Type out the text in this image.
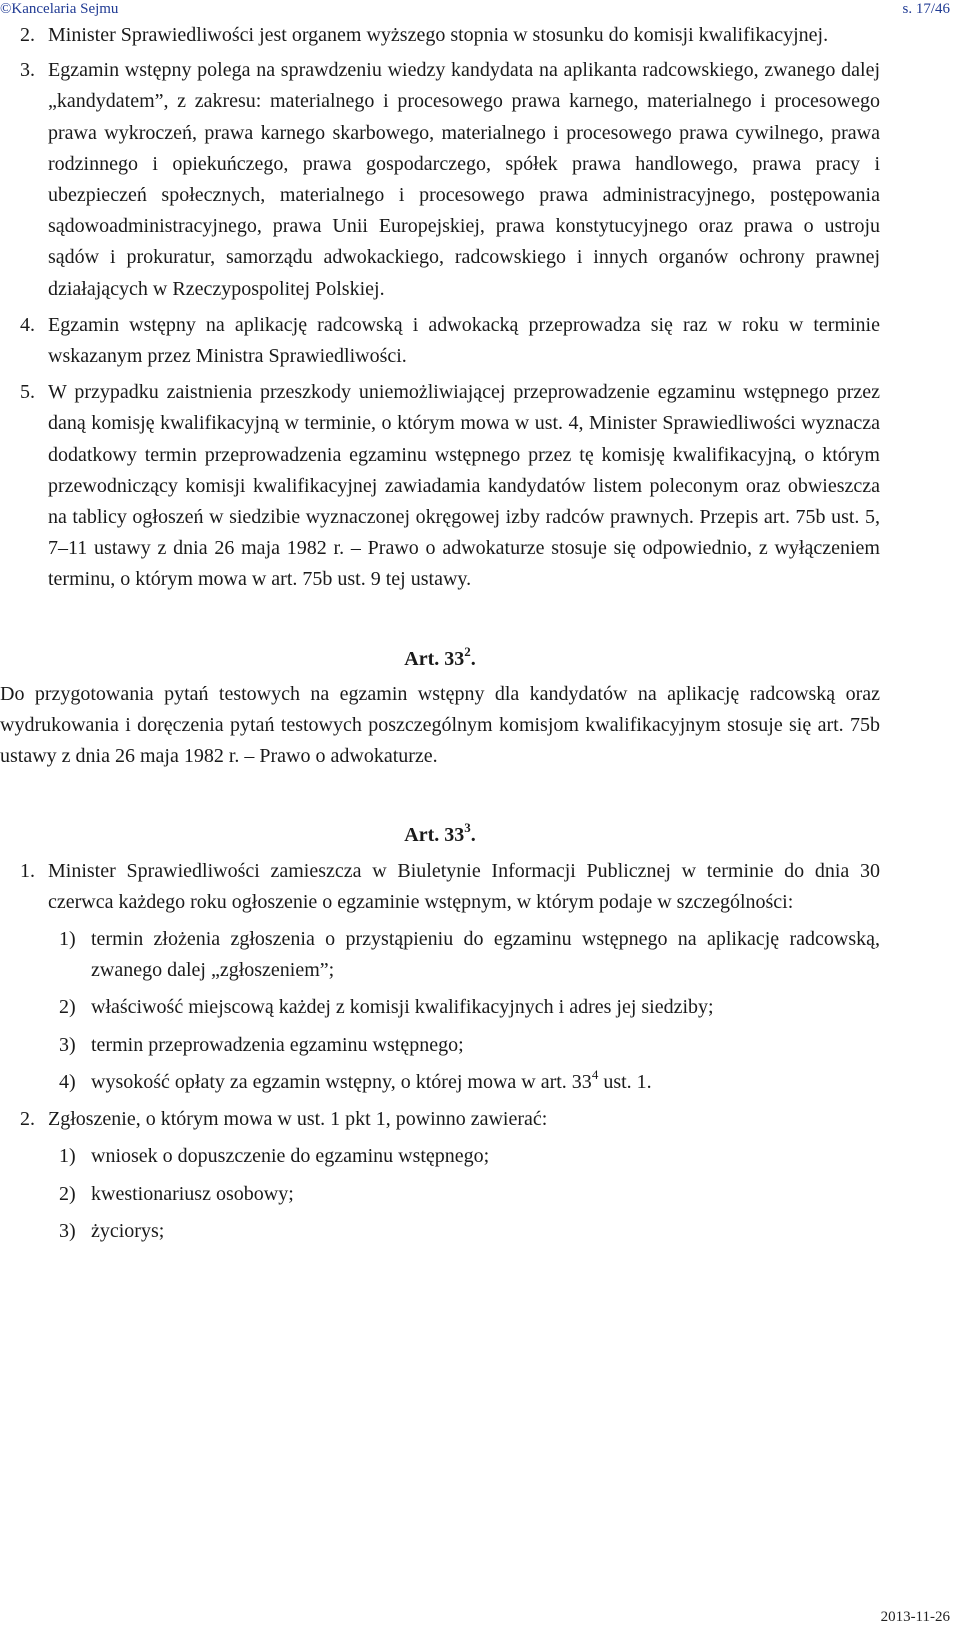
©Kancelaria Sejmu	s. 17/46

2. Minister Sprawiedliwości jest organem wyższego stopnia w stosunku do komisji kwalifikacyjnej.

3. Egzamin wstępny polega na sprawdzeniu wiedzy kandydata na aplikanta radcowskiego, zwanego dalej „kandydatem”, z zakresu: materialnego i procesowego prawa karnego, materialnego i procesowego prawa wykroczeń, prawa karnego skarbowego, materialnego i procesowego prawa cywilnego, prawa rodzinnego i opiekuńczego, prawa gospodarczego, spółek prawa handlowego, prawa pracy i ubezpieczeń społecznych, materialnego i procesowego prawa administracyjnego, postępowania sądowoadministracyjnego, prawa Unii Europejskiej, prawa konstytucyjnego oraz prawa o ustroju sądów i prokuratur, samorządu adwokackiego, radcowskiego i innych organów ochrony prawnej działających w Rzeczypospolitej Polskiej.

4. Egzamin wstępny na aplikację radcowską i adwokacką przeprowadza się raz w roku w terminie wskazanym przez Ministra Sprawiedliwości.

5. W przypadku zaistnienia przeszkody uniemożliwiającej przeprowadzenie egzaminu wstępnego przez daną komisję kwalifikacyjną w terminie, o którym mowa w ust. 4, Minister Sprawiedliwości wyznacza dodatkowy termin przeprowadzenia egzaminu wstępnego przez tę komisję kwalifikacyjną, o którym przewodniczący komisji kwalifikacyjnej zawiadamia kandydatów listem poleconym oraz obwieszcza na tablicy ogłoszeń w siedzibie wyznaczonej okręgowej izby radców prawnych. Przepis art. 75b ust. 5, 7–11 ustawy z dnia 26 maja 1982 r. – Prawo o adwokaturze stosuje się odpowiednio, z wyłączeniem terminu, o którym mowa w art. 75b ust. 9 tej ustawy.

Art. $33^2$.

Do przygotowania pytań testowych na egzamin wstępny dla kandydatów na aplikację radcowską oraz wydrukowania i doręczenia pytań testowych poszczególnym komisjom kwalifikacyjnym stosuje się art. 75b ustawy z dnia 26 maja 1982 r. – Prawo o adwokaturze.

Art. $33^3$.

1. Minister Sprawiedliwości zamieszcza w Biuletynie Informacji Publicznej w terminie do dnia 30 czerwca każdego roku ogłoszenie o egzaminie wstępnym, w którym podaje w szczególności:

1) termin złożenia zgłoszenia o przystąpieniu do egzaminu wstępnego na aplikację radcowską, zwanego dalej „zgłoszeniem”;

2) właściwość miejscową każdej z komisji kwalifikacyjnych i adres jej siedziby;

3) termin przeprowadzenia egzaminu wstępnego;

4) wysokość opłaty za egzamin wstępny, o której mowa w art. 33$^4$ ust. 1.

2. Zgłoszenie, o którym mowa w ust. 1 pkt 1, powinno zawierać:

1) wniosek o dopuszczenie do egzaminu wstępnego;

2) kwestionariusz osobowy;

3) życiorys;

2013-11-26
